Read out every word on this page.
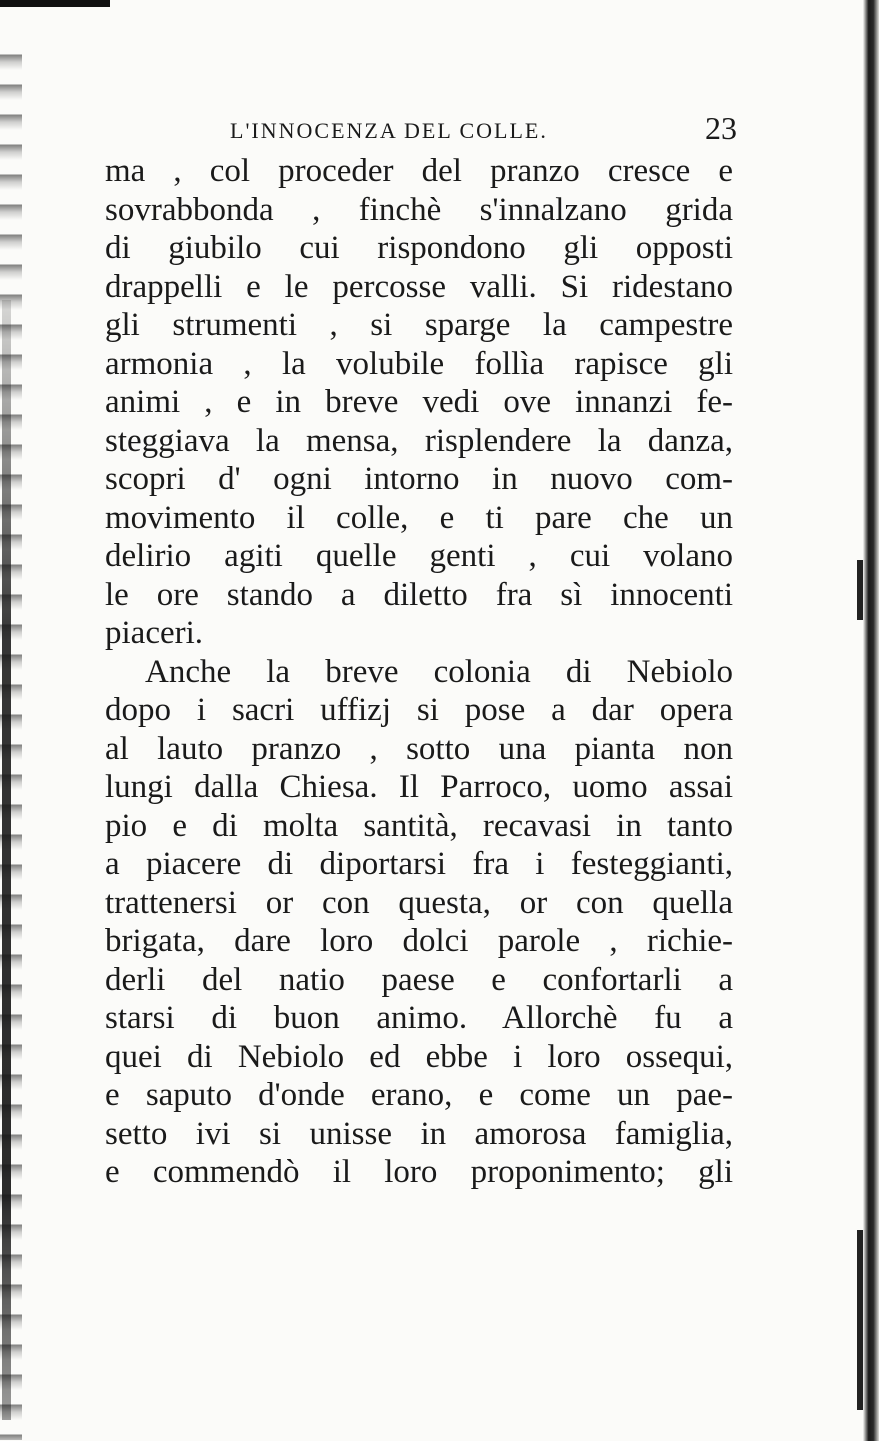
L'INNOCENZA DEL COLLE.	23
ma , col proceder del pranzo cresce e
sovrabbonda , finchè s'innalzano grida
di giubilo cui rispondono gli opposti
drappelli e le percosse valli. Si ridestano
gli strumenti , si sparge la campestre
armonia , la volubile follìa rapisce gli
animi , e in breve vedi ove innanzi fe-
steggiava la mensa, risplendere la danza,
scopri d' ogni intorno in nuovo com-
movimento il colle, e ti pare che un
delirio agiti quelle genti , cui volano
le ore stando a diletto fra sì innocenti
piaceri.
Anche la breve colonia di Nebiolo
dopo i sacri uffizj si pose a dar opera
al lauto pranzo , sotto una pianta non
lungi dalla Chiesa. Il Parroco, uomo assai
pio e di molta santità, recavasi in tanto
a piacere di diportarsi fra i festeggianti,
trattenersi or con questa, or con quella
brigata, dare loro dolci parole , richie-
derli del natio paese e confortarli a
starsi di buon animo. Allorchè fu a
quei di Nebiolo ed ebbe i loro ossequi,
e saputo d'onde erano, e come un pae-
setto ivi si unisse in amorosa famiglia,
e commendò il loro proponimento; gli
